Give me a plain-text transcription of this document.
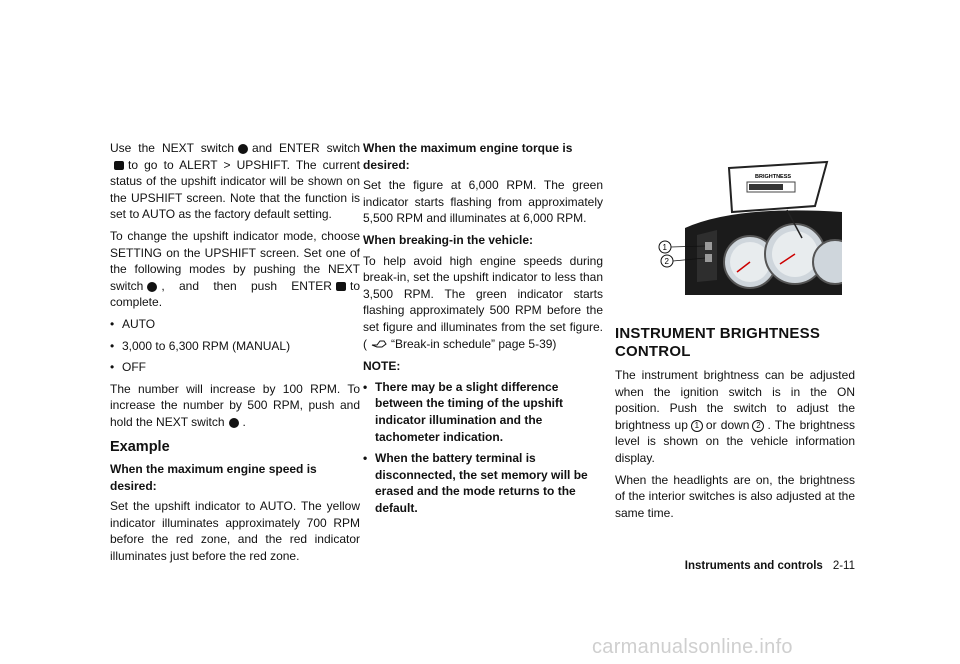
Use the NEXT switch and ENTER switch to go to ALERT > UPSHIFT. The current status of the upshift indicator will be shown on the UPSHIFT screen. Note that the function is set to AUTO as the factory default setting.

To change the upshift indicator mode, choose SETTING on the UPSHIFT screen. Set one of the following modes by pushing the NEXT switch , and then push ENTER to complete.

• AUTO
• 3,000 to 6,300 RPM (MANUAL)
• OFF

The number will increase by 100 RPM. To increase the number by 500 RPM, push and hold the NEXT switch .

Example
When the maximum engine speed is desired:

Set the upshift indicator to AUTO. The yellow indicator illuminates approximately 700 RPM before the red zone, and the red indicator illuminates just before the red zone.

When the maximum engine torque is desired:

Set the figure at 6,000 RPM. The green indicator starts flashing from approximately 5,500 RPM and illuminates at 6,000 RPM.

When breaking-in the vehicle:

To help avoid high engine speeds during break-in, set the upshift indicator to less than 3,500 RPM. The green indicator starts flashing approximately 500 RPM before the set figure and illuminates from the set figure. ( “Break-in schedule” page 5-39)

NOTE:
• There may be a slight difference between the timing of the upshift indicator illumination and the tachometer indication.
• When the battery terminal is disconnected, the set memory will be erased and the mode returns to the default.
BRIGHTNESS
1
2
INSTRUMENT BRIGHTNESS CONTROL

The instrument brightness can be adjusted when the ignition switch is in the ON position. Push the switch to adjust the brightness up 1 or down 2 . The brightness level is shown on the vehicle information display.

When the headlights are on, the brightness of the interior switches is also adjusted at the same time.

Instruments and controls 2-11
carmanualsonline.info
